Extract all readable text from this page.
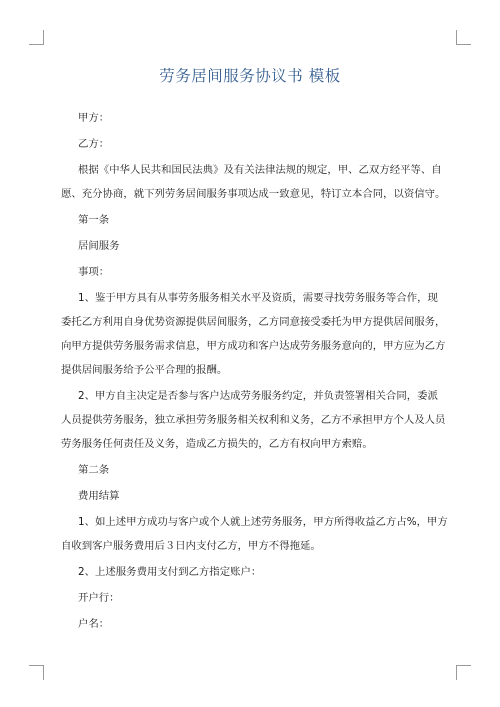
劳务居间服务协议书 模板
甲方：
乙方：
根据《中华人民共和国民法典》及有关法律法规的规定，甲、乙双方经平等、自
愿、充分协商，就下列劳务居间服务事项达成一致意见，特订立本合同，以资信守。
第一条
居间服务
事项：
1、鉴于甲方具有从事劳务服务相关水平及资质，需要寻找劳务服务等合作，现
委托乙方利用自身优势资源提供居间服务，乙方同意接受委托为甲方提供居间服务，
向甲方提供劳务服务需求信息，甲方成功和客户达成劳务服务意向的，甲方应为乙方
提供居间服务给予公平合理的报酬。
2、甲方自主决定是否参与客户达成劳务服务约定，并负责签署相关合同，委派
人员提供劳务服务，独立承担劳务服务相关权利和义务，乙方不承担甲方个人及人员
劳务服务任何责任及义务，造成乙方损失的，乙方有权向甲方索赔。
第二条
费用结算
1、如上述甲方成功与客户或个人就上述劳务服务，甲方所得收益乙方占%，甲方
自收到客户服务费用后３日内支付乙方，甲方不得拖延。
2、上述服务费用支付到乙方指定账户：
开户行：
户名：
